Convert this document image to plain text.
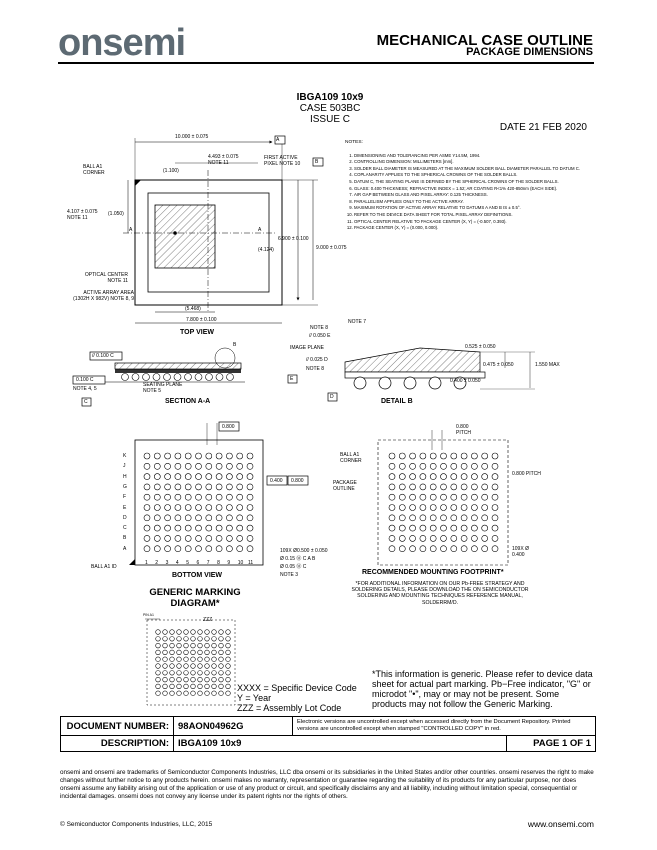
onsemi	MECHANICAL CASE OUTLINE
PACKAGE DIMENSIONS
IBGA109 10x9
CASE 503BC
ISSUE C
DATE 21 FEB 2020
NOTES:
1. DIMENSIONING AND TOLERANCING PER ASME Y14.5M, 1994.
2. CONTROLLING DIMENSION: MILLIMETERS [mm].
3. SOLDER BALL DIAMETER IS MEASURED AT THE MAXIMUM SOLDER BALL DIAMETER PARALLEL TO DATUM C.
4. COPLANARITY APPLIES TO THE SPHERICAL CROWNS OF THE SOLDER BALLS.
5. DATUM C, THE SEATING PLANE IS DEFINED BY THE SPHERICAL CROWNS OF THE SOLDER BALLS.
6. GLASS: 0.400 THICKNESS; REFRACTIVE INDEX = 1.52; AR COATING R<1% 420-850nm (EACH SIDE).
7. AIR GAP BETWEEN GLASS AND PIXEL ARRAY: 0.125 THICKNESS.
8. PARALLELISM APPLIES ONLY TO THE ACTIVE ARRAY.
9. MAXIMUM ROTATION OF ACTIVE ARRAY RELATIVE TO DATUMS A AND B IS ± 0.5°.
10. REFER TO THE DEVICE DATA SHEET FOR TOTAL PIXEL ARRAY DEFINITIONS.
11. OPTICAL CENTER RELATIVE TO PACKAGE CENTER (X, Y) = (-0.507, 0.393).
12. PACKAGE CENTER (X, Y) = (0.000, 0.000).
10.000 ± 0.075	A
4.493 ± 0.075
NOTE 11
(1.100)
BALL A1 CORNER
FIRST ACTIVE PIXEL NOTE 10	B
4.107 ± 0.075
NOTE 11
(1.050)
A	A
6.900 ± 0.100
9.000 ± 0.075
(4.124)
OPTICAL CENTER NOTE 11
ACTIVE ARRAY AREA (1302H X 982V) NOTE 8, 9
(5.468)
7.800 ± 0.100
TOP VIEW
// 0.100 C
B
0.100 C
NOTE 4, 5
SEATING PLANE NOTE 5
C	SECTION A-A
NOTE 7
NOTE 8
// 0.050 E
IMAGE PLANE
// 0.025 D
NOTE 8
E
D
0.525 ± 0.050
0.475 ± 0.050	1.550 MAX
0.400 ± 0.050
DETAIL B
0.800
0.400 0.800
K
J
H
G
F
E
D
C
B
A
1 2 3 4 5 6 7 8 9 10 11
BALL A1 ID
109X Ø0.500 ± 0.050
Ø 0.15 Ⓜ C A B
Ø 0.05 Ⓜ C
NOTE 3
BOTTOM VIEW
0.800 PITCH
BALL A1 CORNER
PACKAGE OUTLINE
0.800 PITCH
109X Ø 0.400
RECOMMENDED MOUNTING FOOTPRINT*
*FOR ADDITIONAL INFORMATION ON OUR Pb-FREE STRATEGY AND SOLDERING DETAILS, PLEASE DOWNLOAD THE ON SEMICONDUCTOR SOLDERING AND MOUNTING TECHNIQUES REFERENCE MANUAL, SOLDERRM/D.
GENERIC MARKING DIAGRAM*
PIN A1
ZZZ
XXXX = Specific Device Code
Y = Year
ZZZ = Assembly Lot Code
*This information is generic. Please refer to device data sheet for actual part marking. Pb−Free indicator, "G" or microdot "•", may or may not be present. Some products may not follow the Generic Marking.
DOCUMENT NUMBER:	98AON04962G	Electronic versions are uncontrolled except when accessed directly from the Document Repository. Printed versions are uncontrolled except when stamped "CONTROLLED COPY" in red.	
DESCRIPTION:	IBGA109 10x9		PAGE 1 OF 1
onsemi and onsemi are trademarks of Semiconductor Components Industries, LLC dba onsemi or its subsidiaries in the United States and/or other countries. onsemi reserves the right to make changes without further notice to any products herein. onsemi makes no warranty, representation or guarantee regarding the suitability of its products for any particular purpose, nor does onsemi assume any liability arising out of the application or use of any product or circuit, and specifically disclaims any and all liability, including without limitation special, consequential or incidental damages. onsemi does not convey any license under its patent rights nor the rights of others.
© Semiconductor Components Industries, LLC, 2015	www.onsemi.com
